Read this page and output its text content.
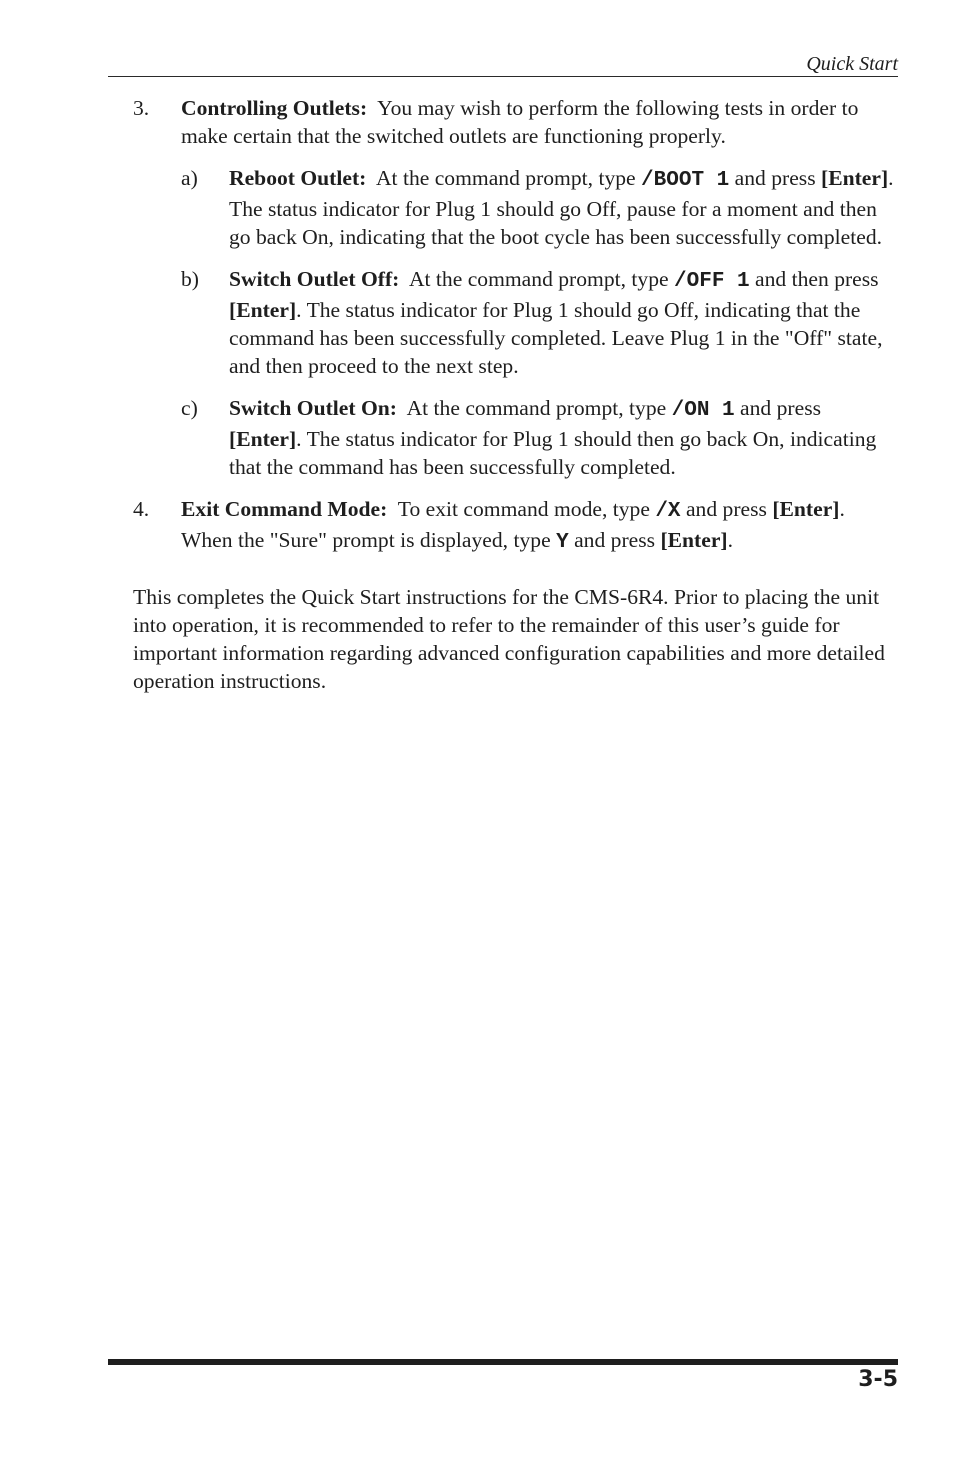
Quick Start
3. Controlling Outlets: You may wish to perform the following tests in order to make certain that the switched outlets are functioning properly.
a) Reboot Outlet: At the command prompt, type /BOOT 1 and press [Enter]. The status indicator for Plug 1 should go Off, pause for a moment and then go back On, indicating that the boot cycle has been successfully completed.
b) Switch Outlet Off: At the command prompt, type /OFF 1 and then press [Enter]. The status indicator for Plug 1 should go Off, indicating that the command has been successfully completed. Leave Plug 1 in the "Off" state, and then proceed to the next step.
c) Switch Outlet On: At the command prompt, type /ON 1 and press [Enter]. The status indicator for Plug 1 should then go back On, indicating that the command has been successfully completed.
4. Exit Command Mode: To exit command mode, type /X and press [Enter]. When the "Sure" prompt is displayed, type Y and press [Enter].
This completes the Quick Start instructions for the CMS-6R4. Prior to placing the unit into operation, it is recommended to refer to the remainder of this user’s guide for important information regarding advanced configuration capabilities and more detailed operation instructions.
3-5
